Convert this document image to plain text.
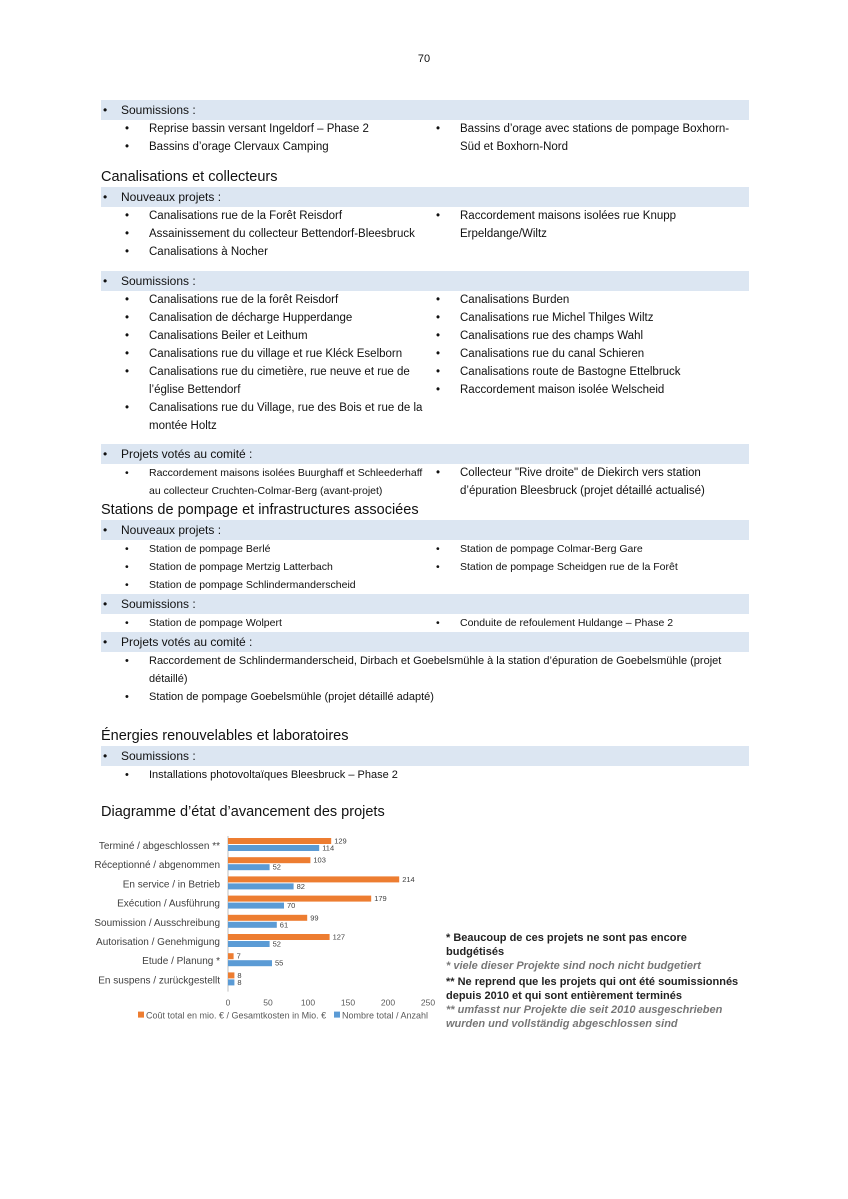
70
• Soumissions :
• Reprise bassin versant Ingeldorf – Phase 2
• Bassins d’orage Clervaux Camping
• Bassins d’orage avec stations de pompage Boxhorn-Süd et Boxhorn-Nord
Canalisations et collecteurs
• Nouveaux projets :
• Canalisations rue de la Forêt Reisdorf
• Assainissement du collecteur Bettendorf-Bleesbruck
• Canalisations à Nocher
• Raccordement maisons isolées rue Knupp Erpeldange/Wiltz
• Soumissions :
• Canalisations rue de la forêt Reisdorf
• Canalisation de décharge Hupperdange
• Canalisations Beiler et Leithum
• Canalisations rue du village et rue Kléck Eselborn
• Canalisations rue du cimetière, rue neuve et rue de l’église Bettendorf
• Canalisations rue du Village, rue des Bois et rue de la montée Holtz
• Canalisations Burden
• Canalisations rue Michel Thilges Wiltz
• Canalisations rue des champs Wahl
• Canalisations rue du canal Schieren
• Canalisations route de Bastogne Ettelbruck
• Raccordement maison isolée Welscheid
• Projets votés au comité :
• Raccordement maisons isolées Buurghaff et Schleederhaff au collecteur Cruchten-Colmar-Berg (avant-projet)
• Collecteur "Rive droite" de Diekirch vers station d’épuration Bleesbruck (projet détaillé actualisé)
Stations de pompage et infrastructures associées
• Nouveaux projets :
• Station de pompage Berlé
• Station de pompage Mertzig Latterbach
• Station de pompage Schlindermanderscheid
• Station de pompage Colmar-Berg Gare
• Station de pompage Scheidgen rue de la Forêt
• Soumissions :
• Station de pompage Wolpert	• Conduite de refoulement Huldange – Phase 2
• Projets votés au comité :
• Raccordement de Schlindermanderscheid, Dirbach et Goebelsmühle à la station d’épuration de Goebelsmühle (projet détaillé)
• Station de pompage Goebelsmühle (projet détaillé adapté)
Énergies renouvelables et laboratoires
• Soumissions :
• Installations photovoltaïques Bleesbruck – Phase 2
Diagramme d’état d’avancement des projets
Terminé / abgeschlossen **	129
114
Réceptionné / abgenommen	103
52
En service / in Betrieb	214
82
Exécution / Ausführung	179
70
Soumission / Ausschreibung	99
61
Autorisation / Genehmigung	127
52
Etude / Planung * 7
55
En suspens / zurückgestellt 8
8
0	50	100	150	200	250
Coût total en mio. € / Gesamtkosten in Mio. € Nombre total / Anzahl
* Beaucoup de ces projets ne sont pas encore budgétisés
* viele dieser Projekte sind noch nicht budgetiert
** Ne reprend que les projets qui ont été soumissionnés depuis 2010 et qui sont entièrement terminés
** umfasst nur Projekte die seit 2010 ausgeschrieben wurden und vollständig abgeschlossen sind
